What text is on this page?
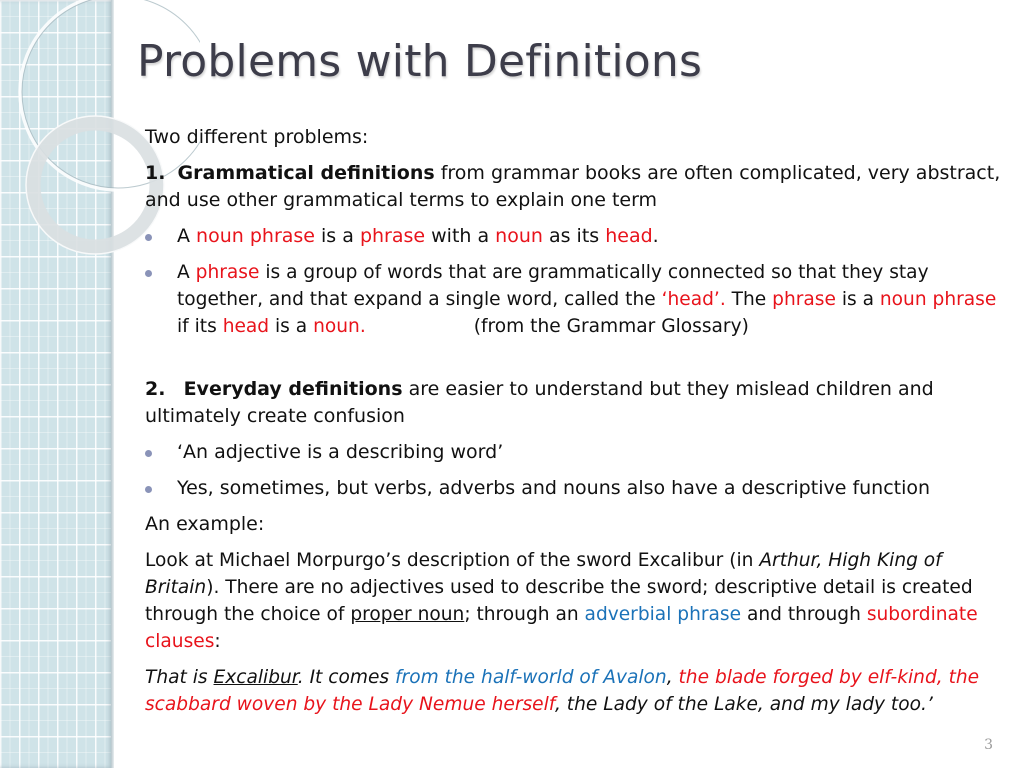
Problems with Definitions

Two different problems:

1. Grammatical definitions from grammar books are often complicated, very abstract, and use other grammatical terms to explain one term

A noun phrase is a phrase with a noun as its head.

A phrase is a group of words that are grammatically connected so that they stay together, and that expand a single word, called the ‘head’. The phrase is a noun phrase if its head is a noun.	(from the Grammar Glossary)

2. Everyday definitions are easier to understand but they mislead children and ultimately create confusion

‘An adjective is a describing word’

Yes, sometimes, but verbs, adverbs and nouns also have a descriptive function

An example:

Look at Michael Morpurgo’s description of the sword Excalibur (in Arthur, High King of Britain). There are no adjectives used to describe the sword; descriptive detail is created through the choice of proper noun; through an adverbial phrase and through subordinate clauses:

That is Excalibur. It comes from the half-world of Avalon, the blade forged by elf-kind, the scabbard woven by the Lady Nemue herself, the Lady of the Lake, and my lady too.’

3
